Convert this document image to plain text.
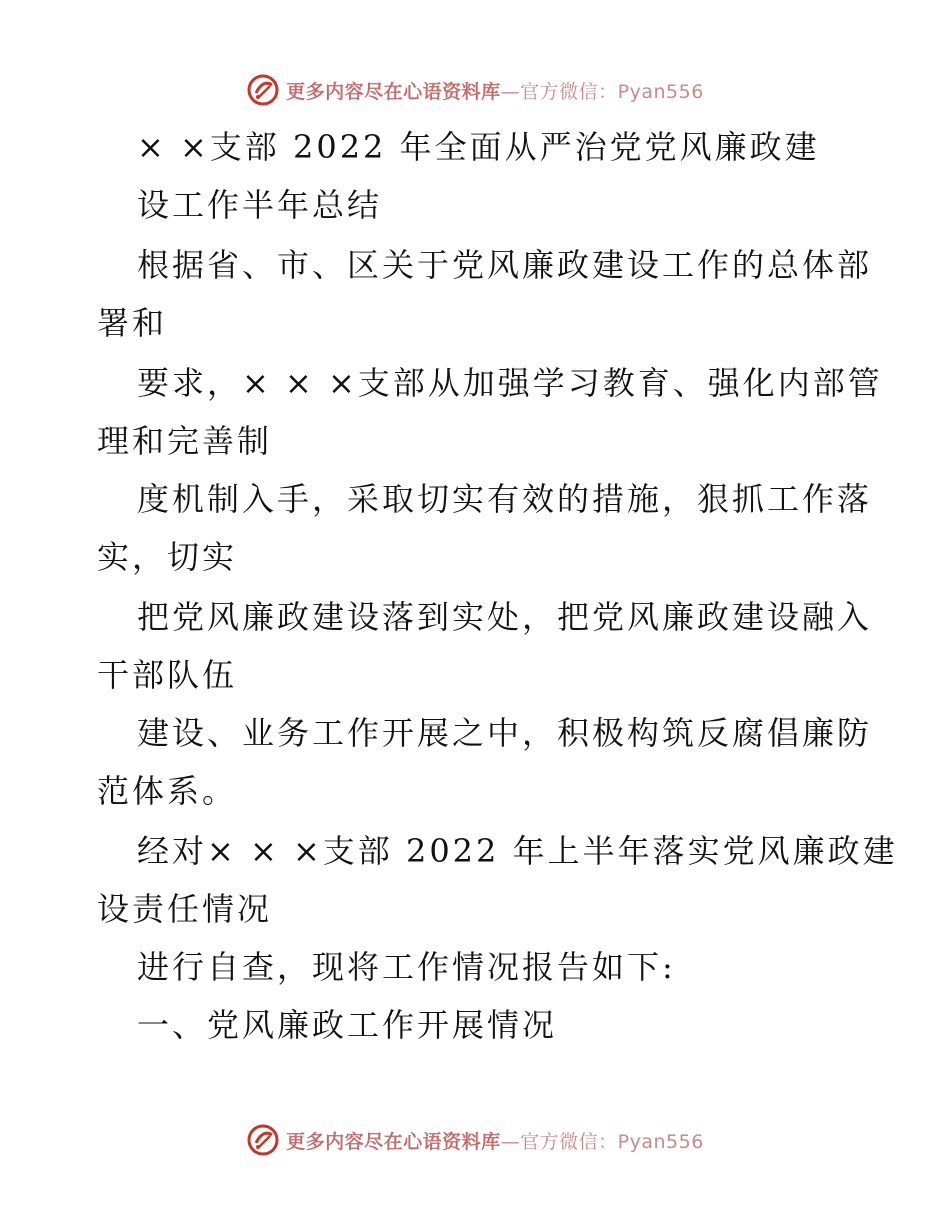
更多内容尽在心语资料库—官方微信：Pyan556
× ×支部 2022 年全面从严治党党风廉政建
设工作半年总结
根据省、市、区关于党风廉政建设工作的总体部
署和
要求，× × ×支部从加强学习教育、强化内部管
理和完善制
度机制入手，采取切实有效的措施，狠抓工作落
实，切实
把党风廉政建设落到实处，把党风廉政建设融入
干部队伍
建设、业务工作开展之中，积极构筑反腐倡廉防
范体系。
经对× × ×支部 2022 年上半年落实党风廉政建
设责任情况
进行自查，现将工作情况报告如下:
一、党风廉政工作开展情况
更多内容尽在心语资料库—官方微信：Pyan556
